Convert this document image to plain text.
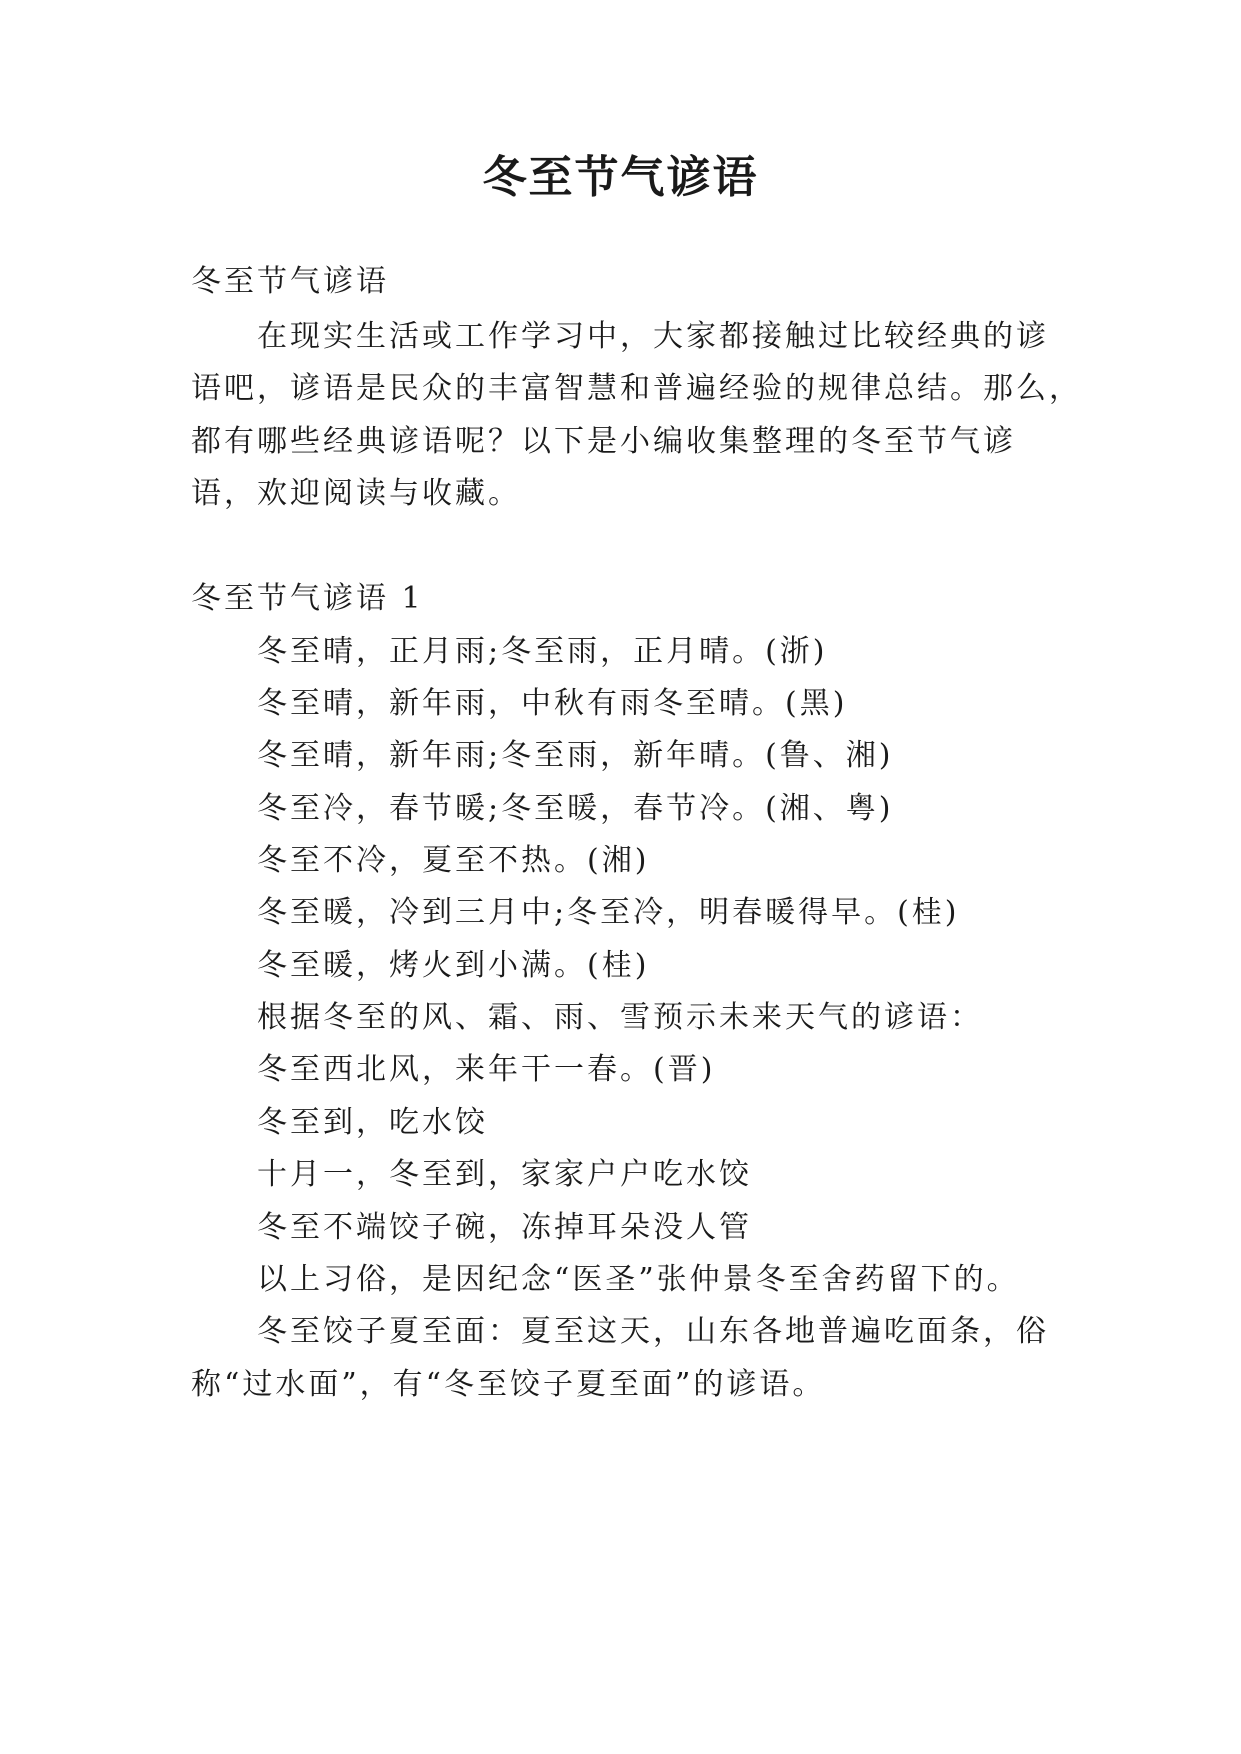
冬至节气谚语

冬至节气谚语

在现实生活或工作学习中，大家都接触过比较经典的谚

语吧，谚语是民众的丰富智慧和普遍经验的规律总结。那么，

都有哪些经典谚语呢？以下是小编收集整理的冬至节气谚

语，欢迎阅读与收藏。

冬至节气谚语 1

冬至晴，正月雨;冬至雨，正月晴。(浙)

冬至晴，新年雨，中秋有雨冬至晴。(黑)

冬至晴，新年雨;冬至雨，新年晴。(鲁、湘)

冬至冷，春节暖;冬至暖，春节冷。(湘、粤)

冬至不冷，夏至不热。(湘)

冬至暖，冷到三月中;冬至冷，明春暖得早。(桂)

冬至暖，烤火到小满。(桂)

根据冬至的风、霜、雨、雪预示未来天气的谚语：

冬至西北风，来年干一春。(晋)

冬至到，吃水饺

十月一，冬至到，家家户户吃水饺

冬至不端饺子碗，冻掉耳朵没人管

以上习俗，是因纪念“医圣”张仲景冬至舍药留下的。

冬至饺子夏至面：夏至这天，山东各地普遍吃面条，俗

称“过水面”，有“冬至饺子夏至面”的谚语。
